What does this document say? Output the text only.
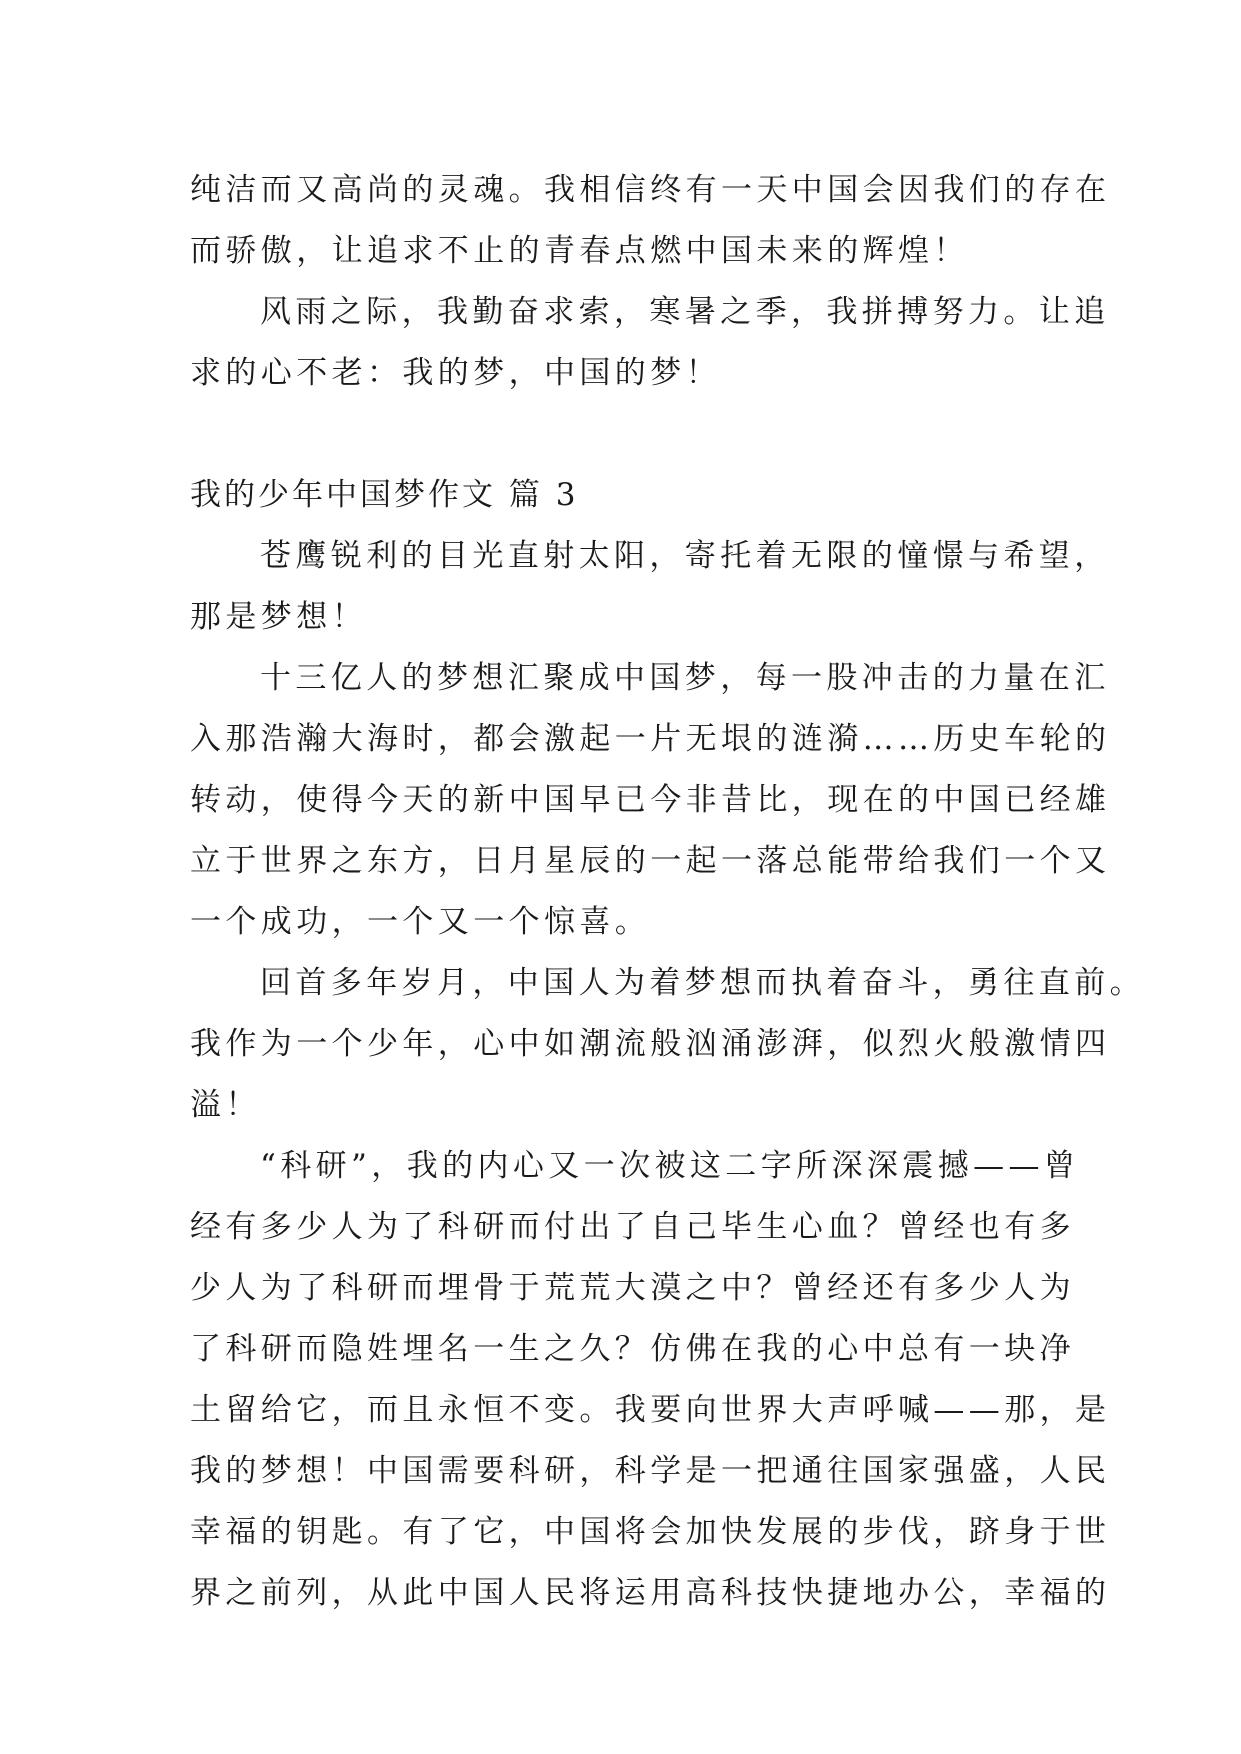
纯洁而又高尚的灵魂。我相信终有一天中国会因我们的存在
而骄傲，让追求不止的青春点燃中国未来的辉煌！
风雨之际，我勤奋求索，寒暑之季，我拼搏努力。让追
求的心不老：我的梦，中国的梦！
我的少年中国梦作文 篇 3
苍鹰锐利的目光直射太阳，寄托着无限的憧憬与希望，
那是梦想！
十三亿人的梦想汇聚成中国梦，每一股冲击的力量在汇
入那浩瀚大海时，都会激起一片无垠的涟漪……历史车轮的
转动，使得今天的新中国早已今非昔比，现在的中国已经雄
立于世界之东方，日月星辰的一起一落总能带给我们一个又
一个成功，一个又一个惊喜。
回首多年岁月，中国人为着梦想而执着奋斗，勇往直前。
我作为一个少年，心中如潮流般汹涌澎湃，似烈火般激情四
溢！
“科研”，我的内心又一次被这二字所深深震撼——曾
经有多少人为了科研而付出了自己毕生心血？曾经也有多
少人为了科研而埋骨于荒荒大漠之中？曾经还有多少人为
了科研而隐姓埋名一生之久？仿佛在我的心中总有一块净
土留给它，而且永恒不变。我要向世界大声呼喊——那，是
我的梦想！中国需要科研，科学是一把通往国家强盛，人民
幸福的钥匙。有了它，中国将会加快发展的步伐，跻身于世
界之前列，从此中国人民将运用高科技快捷地办公，幸福的
